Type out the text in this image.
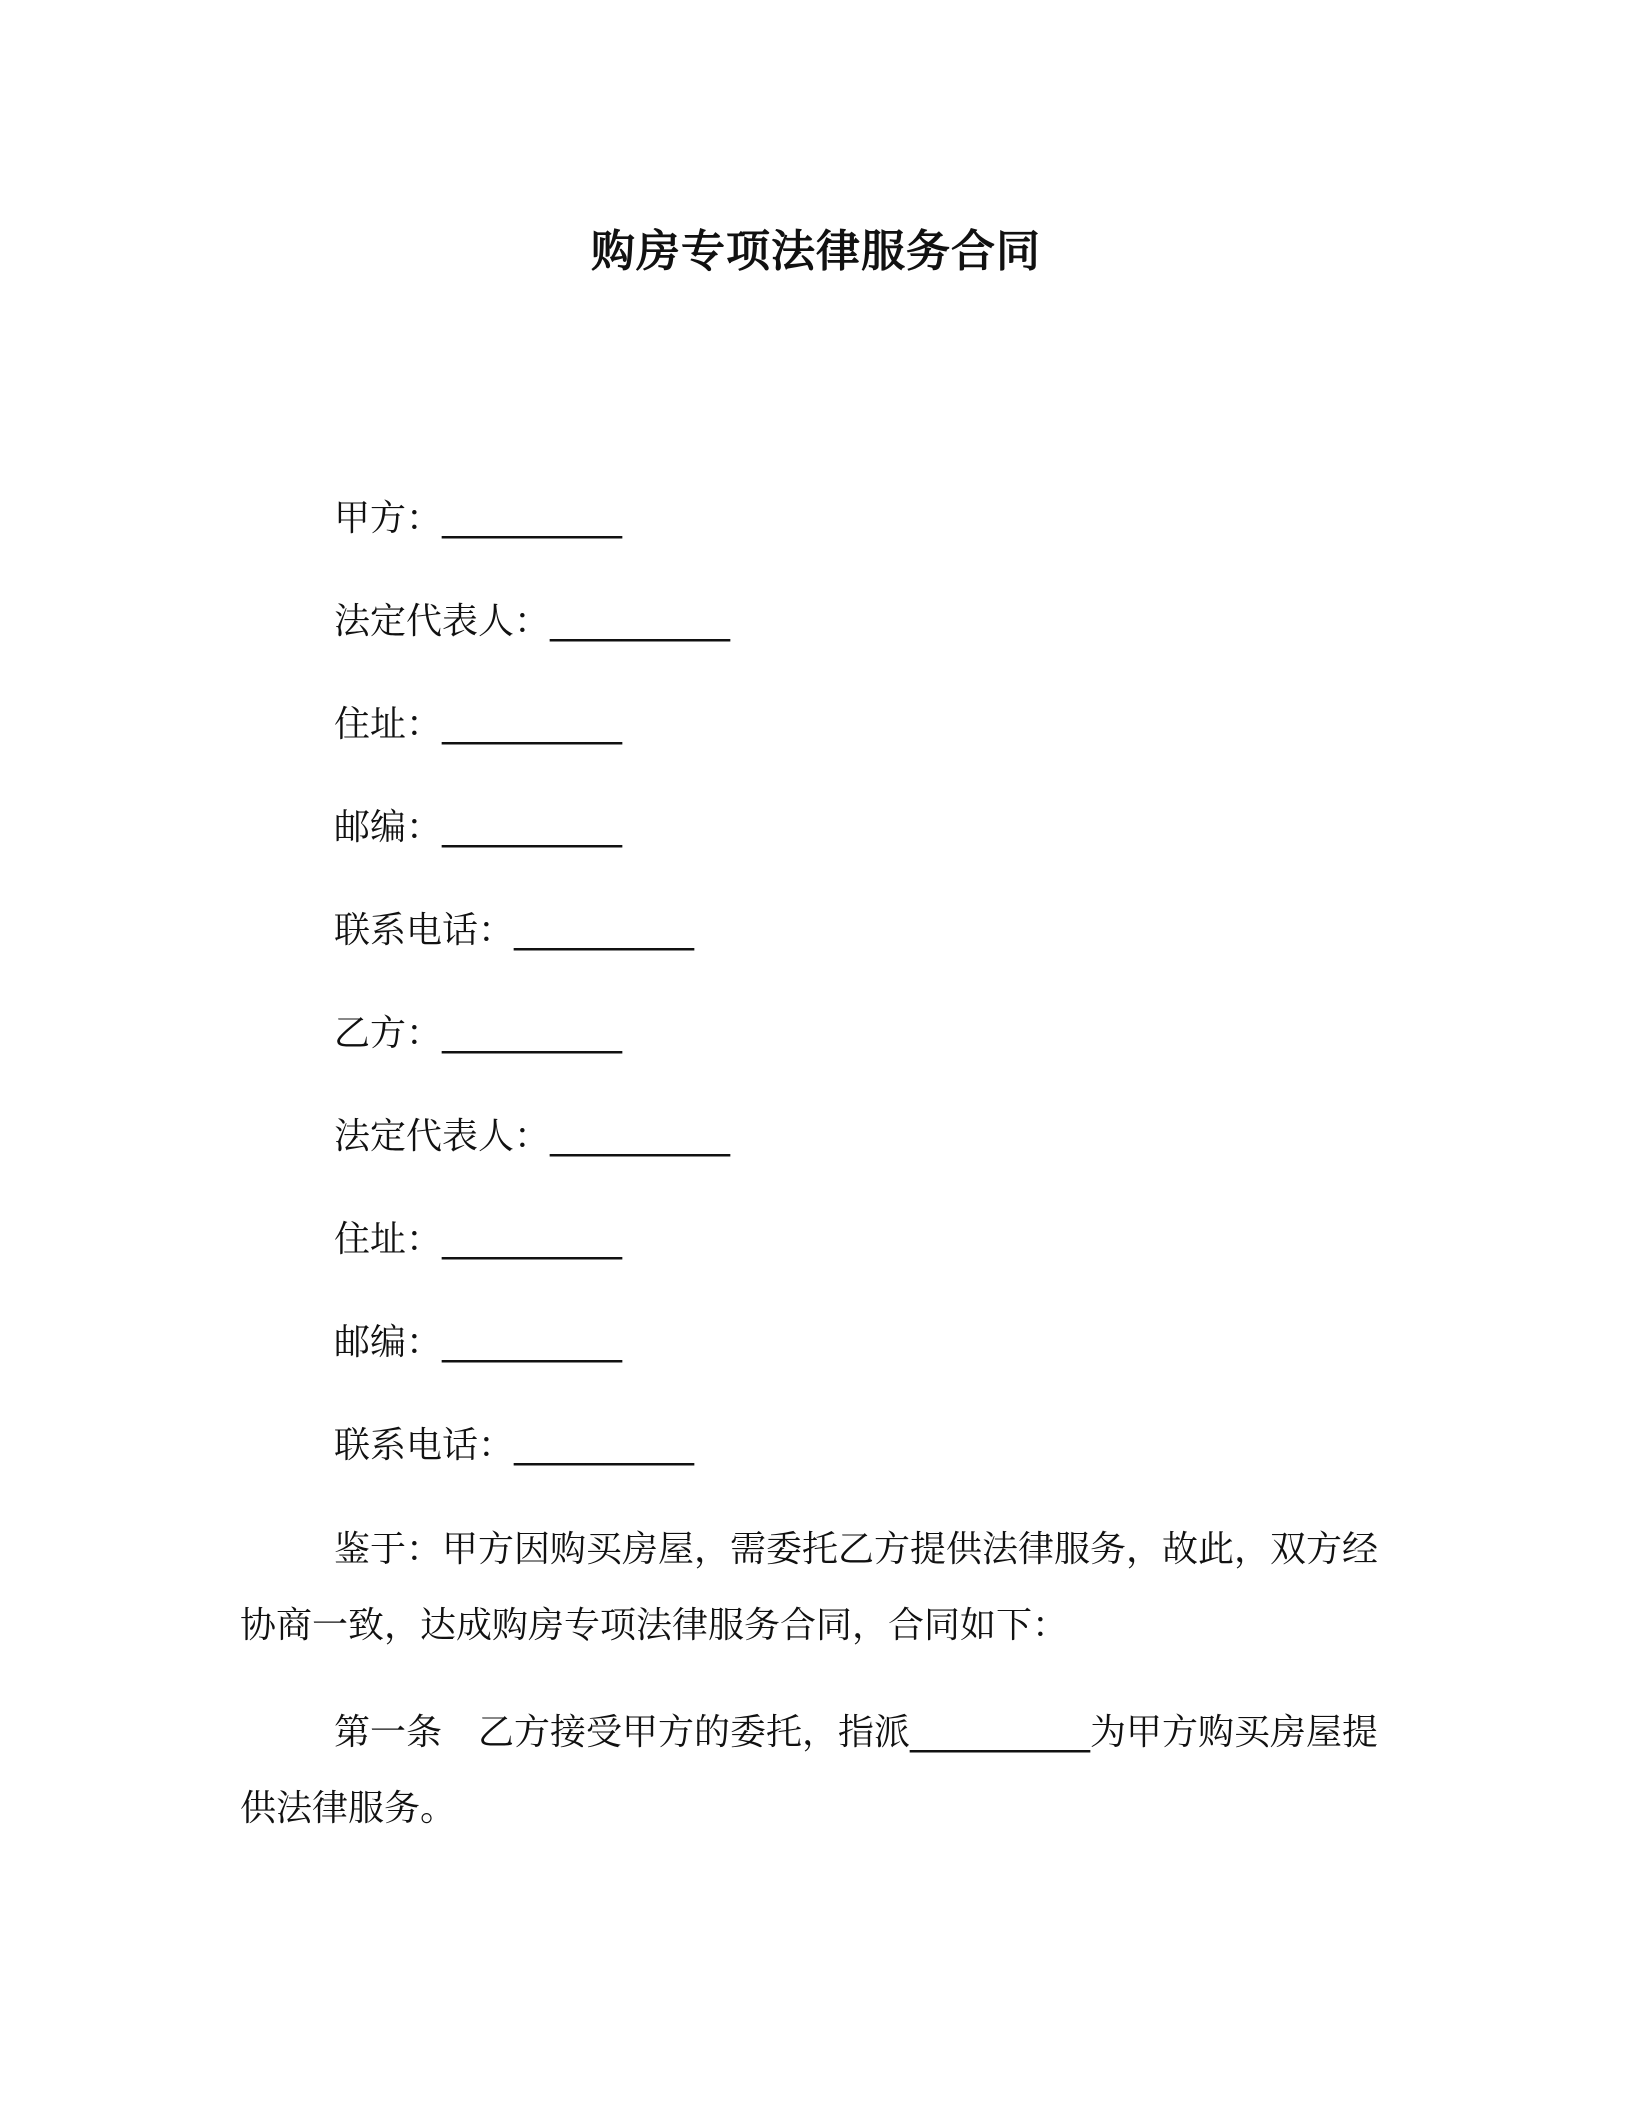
购房专项法律服务合同
甲方：__________
法定代表人：__________
住址：__________
邮编：__________
联系电话：__________
乙方：__________
法定代表人：__________
住址：__________
邮编：__________
联系电话：__________
鉴于：甲方因购买房屋，需委托乙方提供法律服务，故此，双方经协商一致，达成购房专项法律服务合同，合同如下：
第一条　乙方接受甲方的委托，指派__________为甲方购买房屋提供法律服务。
